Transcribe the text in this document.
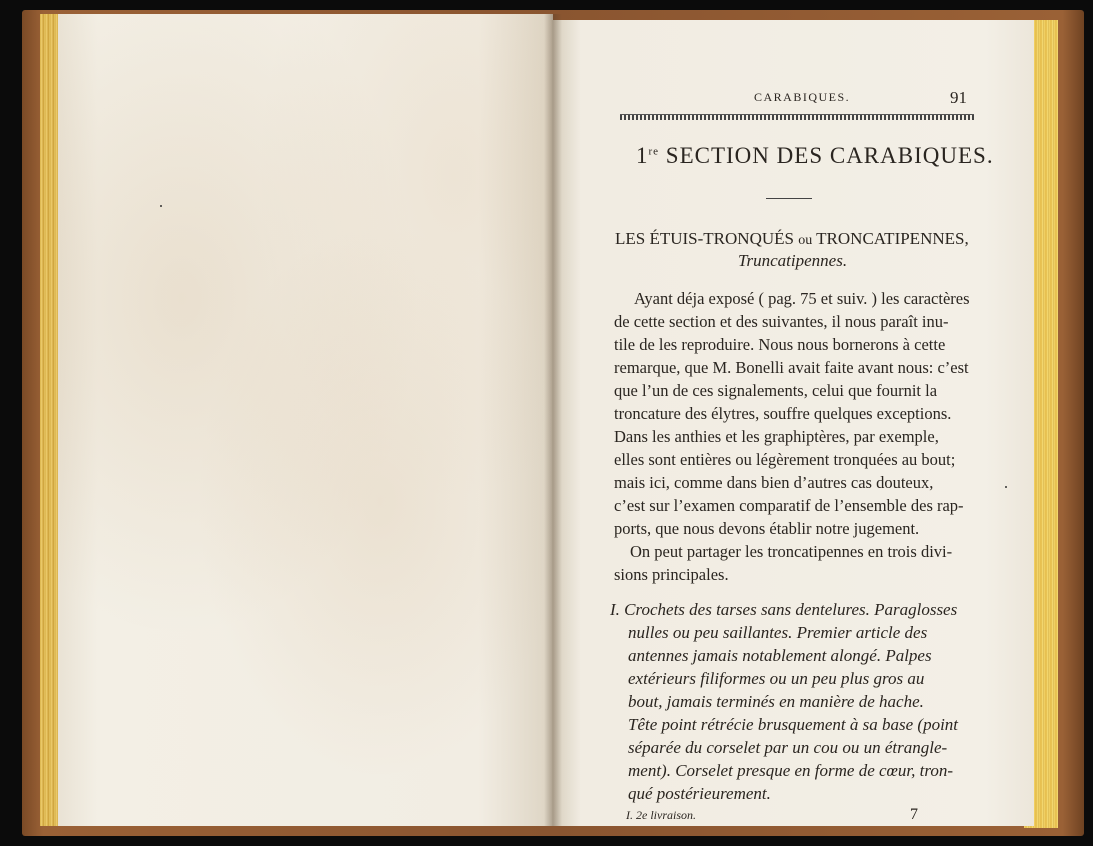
CARABIQUES.	91
1re SECTION DES CARABIQUES.
LES ÉTUIS-TRONQUÉS ou TRONCATIPENNES,
Truncatipennes.
Ayant déja exposé ( pag. 75 et suiv. ) les caractères
de cette section et des suivantes, il nous paraît inu-
tile de les reproduire. Nous nous bornerons à cette
remarque, que M. Bonelli avait faite avant nous: c’est
que l’un de ces signalements, celui que fournit la
troncature des élytres, souffre quelques exceptions.
Dans les anthies et les graphiptères, par exemple,
elles sont entières ou légèrement tronquées au bout;
mais ici, comme dans bien d’autres cas douteux,
c’est sur l’examen comparatif de l’ensemble des rap-
ports, que nous devons établir notre jugement.
On peut partager les troncatipennes en trois divi-
sions principales.
I. Crochets des tarses sans dentelures. Paraglosses
nulles ou peu saillantes. Premier article des
antennes jamais notablement alongé. Palpes
extérieurs filiformes ou un peu plus gros au
bout, jamais terminés en manière de hache.
Tête point rétrécie brusquement à sa base (point
séparée du corselet par un cou ou un étrangle-
ment). Corselet presque en forme de cœur, tron-
qué postérieurement.
I. 2e livraison.	7
